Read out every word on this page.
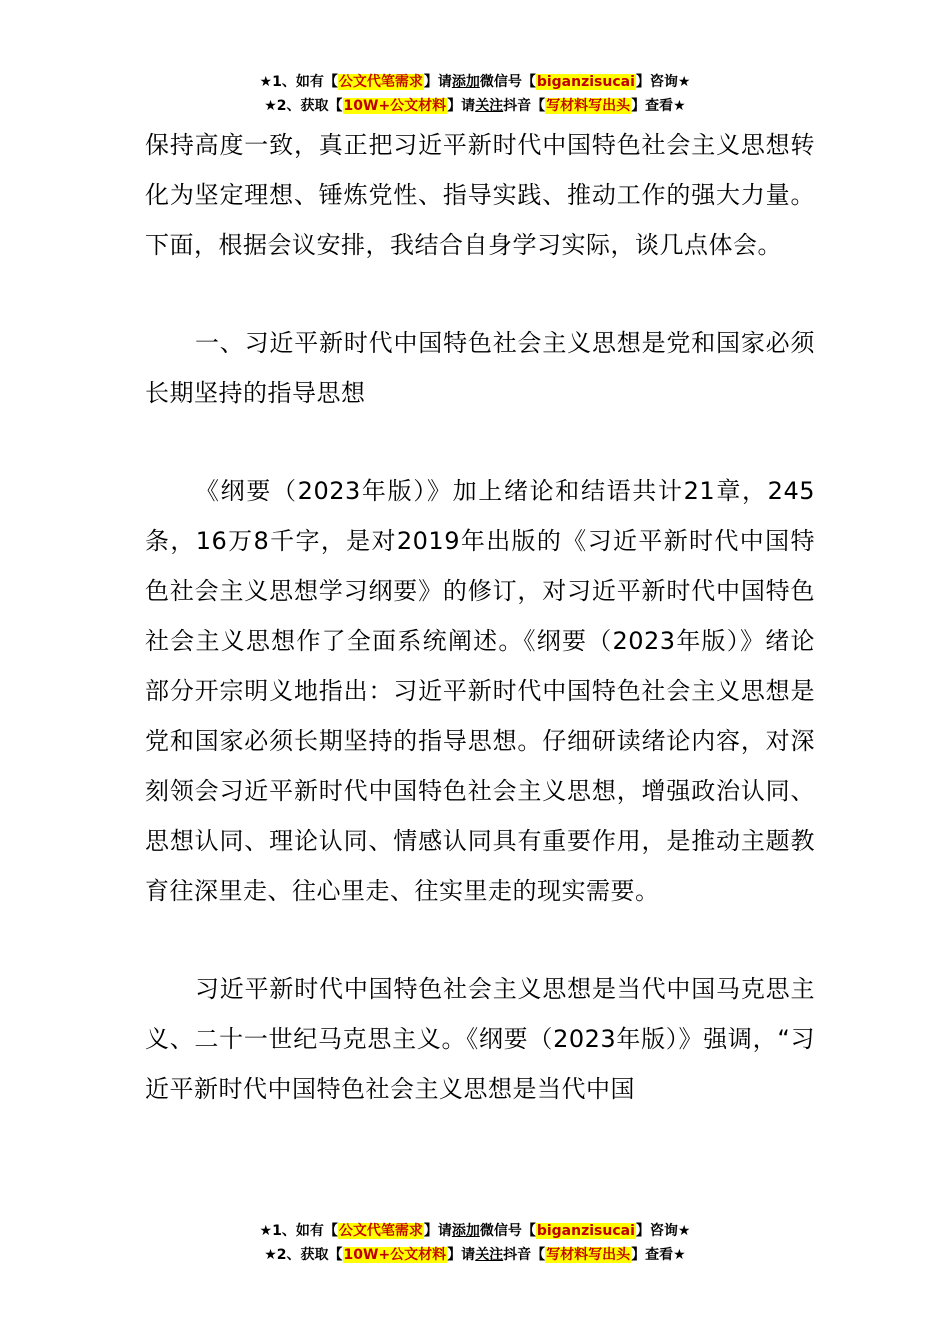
★1、如有【公文代笔需求】请添加微信号【biganzisucai】咨询★
★2、获取【10W+公文材料】请关注抖音【写材料写出头】查看★

保持高度一致，真正把习近平新时代中国特色社会主义思想转化为坚定理想、锤炼党性、指导实践、推动工作的强大力量。下面，根据会议安排，我结合自身学习实际，谈几点体会。

一、习近平新时代中国特色社会主义思想是党和国家必须长期坚持的指导思想

《纲要（2023年版）》加上绪论和结语共计21章，245条，16万8千字，是对2019年出版的《习近平新时代中国特色社会主义思想学习纲要》的修订，对习近平新时代中国特色社会主义思想作了全面系统阐述。《纲要（2023年版）》绪论部分开宗明义地指出：习近平新时代中国特色社会主义思想是党和国家必须长期坚持的指导思想。仔细研读绪论内容，对深刻领会习近平新时代中国特色社会主义思想，增强政治认同、思想认同、理论认同、情感认同具有重要作用，是推动主题教育往深里走、往心里走、往实里走的现实需要。

习近平新时代中国特色社会主义思想是当代中国马克思主义、二十一世纪马克思主义。《纲要（2023年版）》强调，“习近平新时代中国特色社会主义思想是当代中国

★1、如有【公文代笔需求】请添加微信号【biganzisucai】咨询★
★2、获取【10W+公文材料】请关注抖音【写材料写出头】查看★
